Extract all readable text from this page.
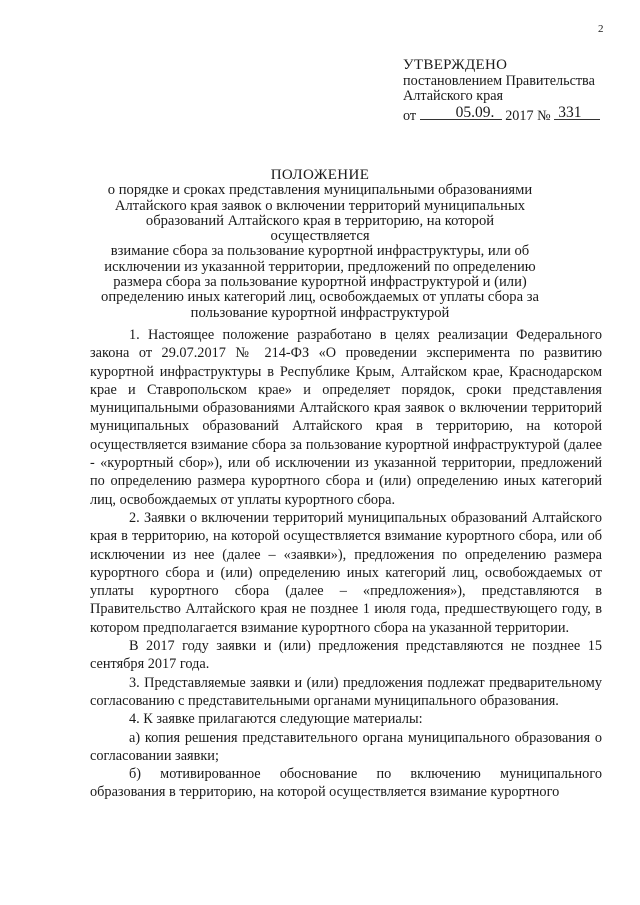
2
УТВЕРЖДЕНО
постановлением Правительства
Алтайского края
от	05.09. 2017 № 331
ПОЛОЖЕНИЕ
о порядке и сроках представления муниципальными образованиями
Алтайского края заявок о включении территорий муниципальных
образований Алтайского края в территорию, на которой осуществляется
взимание сбора за пользование курортной инфраструктуры, или об
исключении из указанной территории, предложений по определению
размера сбора за пользование курортной инфраструктурой и (или)
определению иных категорий лиц, освобождаемых от уплаты сбора за
пользование курортной инфраструктурой

1. Настоящее положение разработано в целях реализации Федерального закона от 29.07.2017 № 214-ФЗ «О проведении эксперимента по развитию курортной инфраструктуры в Республике Крым, Алтайском крае, Краснодарском крае и Ставропольском крае» и определяет порядок, сроки представления муниципальными образованиями Алтайского края заявок о включении территорий муниципальных образований Алтайского края в территорию, на которой осуществляется взимание сбора за пользование курортной инфраструктурой (далее - «курортный сбор»), или об исключении из указанной территории, предложений по определению размера курортного сбора и (или) определению иных категорий лиц, освобождаемых от уплаты курортного сбора.

2. Заявки о включении территорий муниципальных образований Алтайского края в территорию, на которой осуществляется взимание курортного сбора, или об исключении из нее (далее – «заявки»), предложения по определению размера курортного сбора и (или) определению иных категорий лиц, освобождаемых от уплаты курортного сбора (далее – «предложения»), представляются в Правительство Алтайского края не позднее 1 июля года, предшествующего году, в котором предполагается взимание курортного сбора на указанной территории.

В 2017 году заявки и (или) предложения представляются не позднее 15 сентября 2017 года.

3. Представляемые заявки и (или) предложения подлежат предварительному согласованию с представительными органами муниципального образования.

4. К заявке прилагаются следующие материалы:

а) копия решения представительного органа муниципального образования о согласовании заявки;

б) мотивированное обоснование по включению муниципального образования в территорию, на которой осуществляется взимание курортного
